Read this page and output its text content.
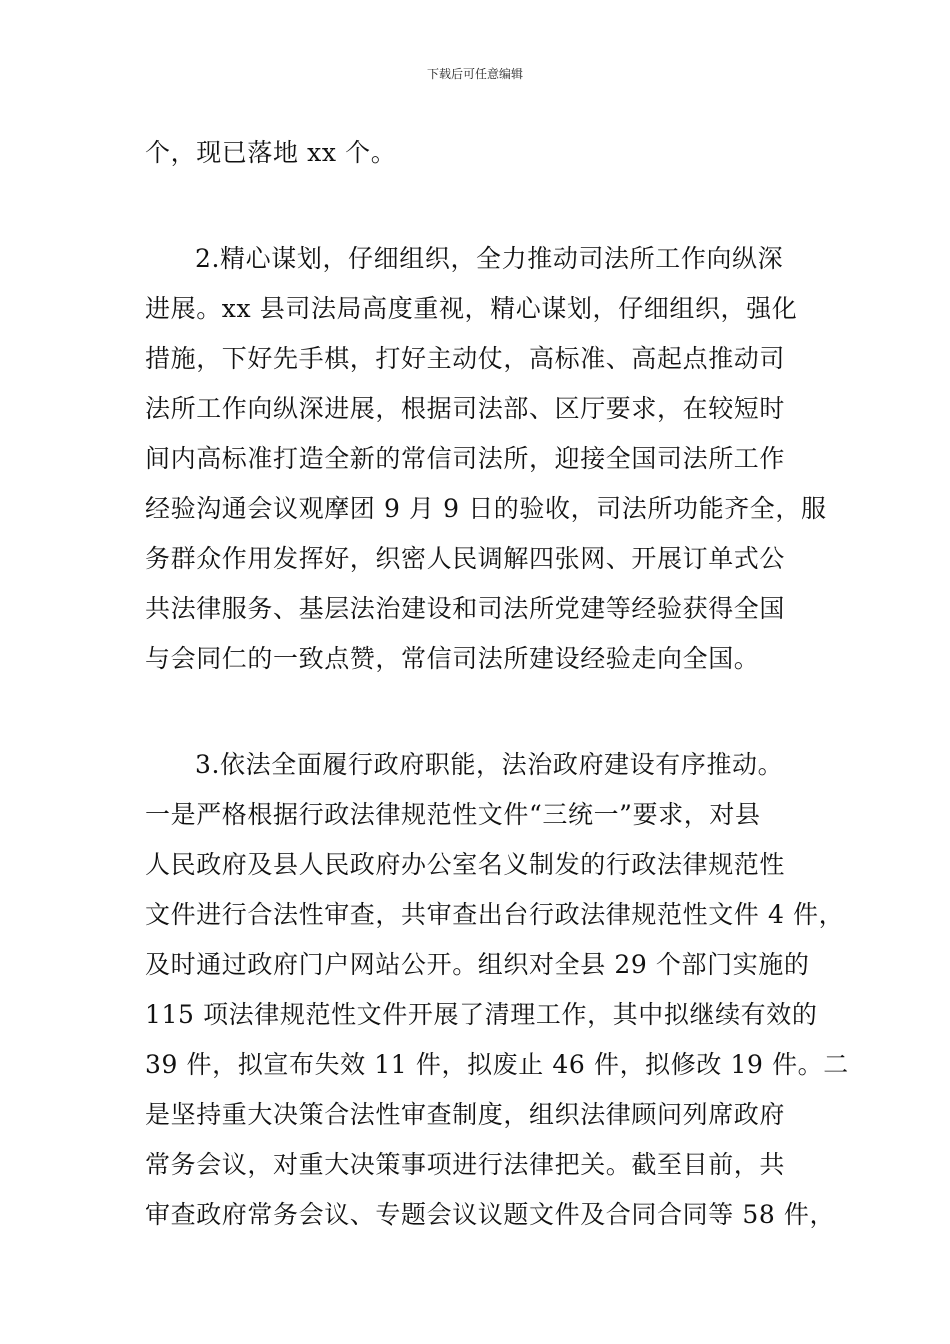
下载后可任意编辑
个，现已落地 xx 个。
2.精心谋划，仔细组织，全力推动司法所工作向纵深
进展。xx 县司法局高度重视，精心谋划，仔细组织，强化
措施，下好先手棋，打好主动仗，高标准、高起点推动司
法所工作向纵深进展，根据司法部、区厅要求，在较短时
间内高标准打造全新的常信司法所，迎接全国司法所工作
经验沟通会议观摩团 9 月 9 日的验收，司法所功能齐全，服
务群众作用发挥好，织密人民调解四张网、开展订单式公
共法律服务、基层法治建设和司法所党建等经验获得全国
与会同仁的一致点赞，常信司法所建设经验走向全国。
3.依法全面履行政府职能，法治政府建设有序推动。
一是严格根据行政法律规范性文件“三统一”要求，对县
人民政府及县人民政府办公室名义制发的行政法律规范性
文件进行合法性审查，共审查出台行政法律规范性文件 4 件，
及时通过政府门户网站公开。组织对全县 29 个部门实施的
115 项法律规范性文件开展了清理工作，其中拟继续有效的
39 件，拟宣布失效 11 件，拟废止 46 件，拟修改 19 件。二
是坚持重大决策合法性审查制度，组织法律顾问列席政府
常务会议，对重大决策事项进行法律把关。截至目前，共
审查政府常务会议、专题会议议题文件及合同合同等 58 件，
